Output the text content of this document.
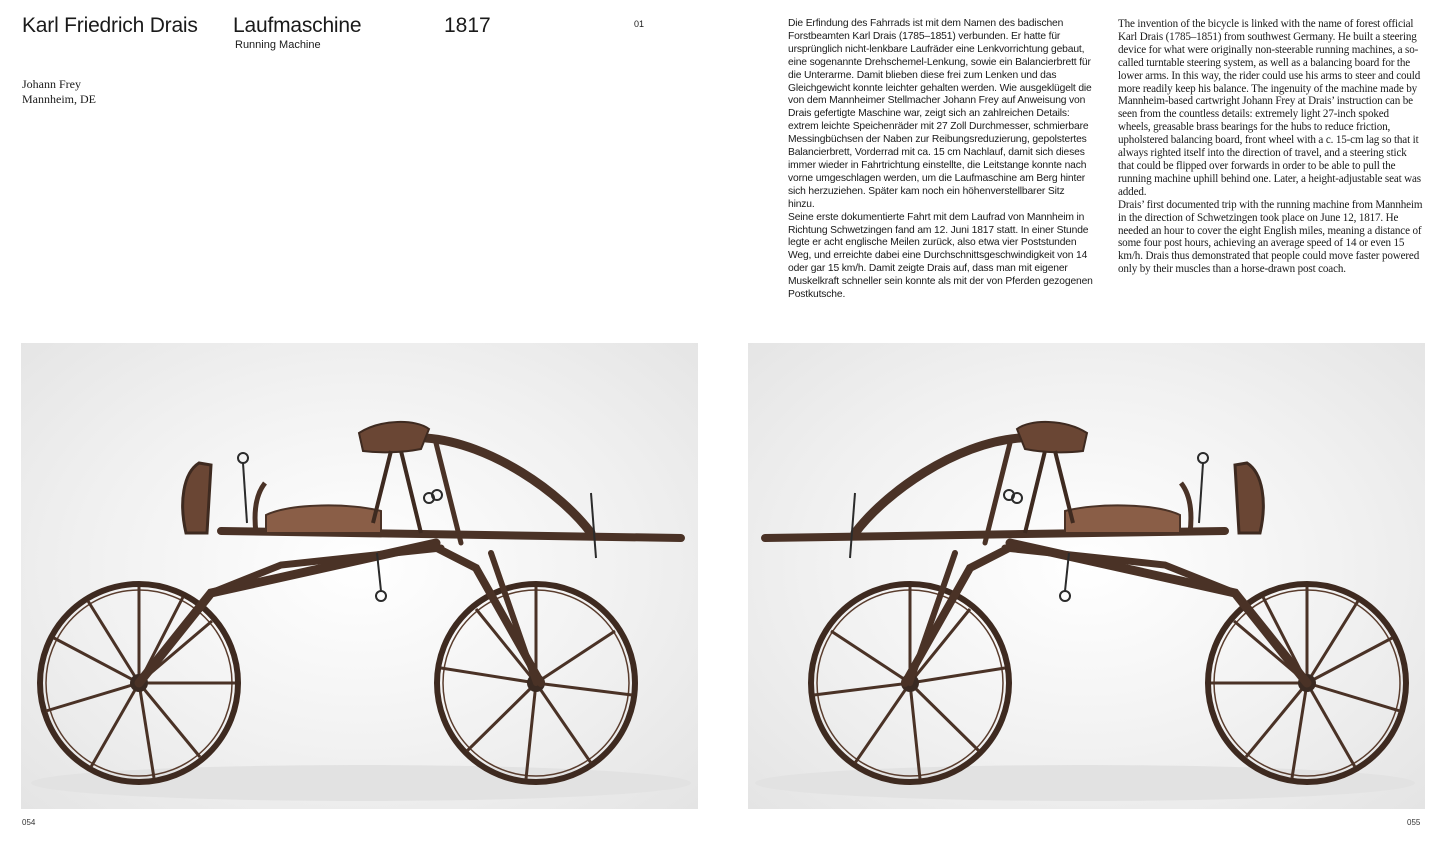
Karl Friedrich Drais Laufmaschine
Running Machine
1817	01
Johann Frey
Mannheim, DE

Die Erfindung des Fahrrads ist mit dem Namen des badischen Forstbeamten Karl Drais (1785–1851) verbunden. Er hatte für ursprünglich nicht-lenkbare Laufräder eine Lenkvorrichtung gebaut, eine sogenannte Drehschemel-Lenkung, sowie ein Balancierbrett für die Unterarme. Damit blieben diese frei zum Lenken und das Gleichgewicht konnte leichter gehalten werden. Wie ausgeklügelt die von dem Mannheimer Stellmacher Johann Frey auf Anweisung von Drais gefertigte Maschine war, zeigt sich an zahlreichen Details: extrem leichte Speichenräder mit 27 Zoll Durchmesser, schmierbare Messingbüchsen der Naben zur Reibungsreduzierung, gepolstertes Balancierbrett, Vorderrad mit ca. 15 cm Nachlauf, damit sich dieses immer wieder in Fahrtrichtung einstellte, die Leitstange konnte nach vorne umgeschlagen werden, um die Laufmaschine am Berg hinter sich herzuziehen. Später kam noch ein höhenverstellbarer Sitz hinzu.

Seine erste dokumentierte Fahrt mit dem Laufrad von Mannheim in Richtung Schwetzingen fand am 12. Juni 1817 statt. In einer Stunde legte er acht englische Meilen zurück, also etwa vier Poststunden Weg, und erreichte dabei eine Durchschnittsgeschwindigkeit von 14 oder gar 15 km/h. Damit zeigte Drais auf, dass man mit eigener Muskelkraft schneller sein konnte als mit der von Pferden gezogenen Postkutsche.

The invention of the bicycle is linked with the name of forest official Karl Drais (1785–1851) from southwest Germany. He built a steering device for what were originally non-steerable running machines, a so-called turntable steering system, as well as a balancing board for the lower arms. In this way, the rider could use his arms to steer and could more readily keep his balance. The ingenuity of the machine made by Mannheim-based cartwright Johann Frey at Drais’ instruction can be seen from the countless details: extremely light 27-inch spoked wheels, greasable brass bearings for the hubs to reduce friction, upholstered balancing board, front wheel with a c. 15-cm lag so that it always righted itself into the direction of travel, and a steering stick that could be flipped over forwards in order to be able to pull the running machine uphill behind one. Later, a height-adjustable seat was added.

Drais’ first documented trip with the running machine from Mannheim in the direction of Schwetzingen took place on June 12, 1817. He needed an hour to cover the eight English miles, meaning a distance of some four post hours, achieving an average speed of 14 or even 15 km/h. Drais thus demonstrated that people could move faster powered only by their muscles than a horse-drawn post coach.

054	055
